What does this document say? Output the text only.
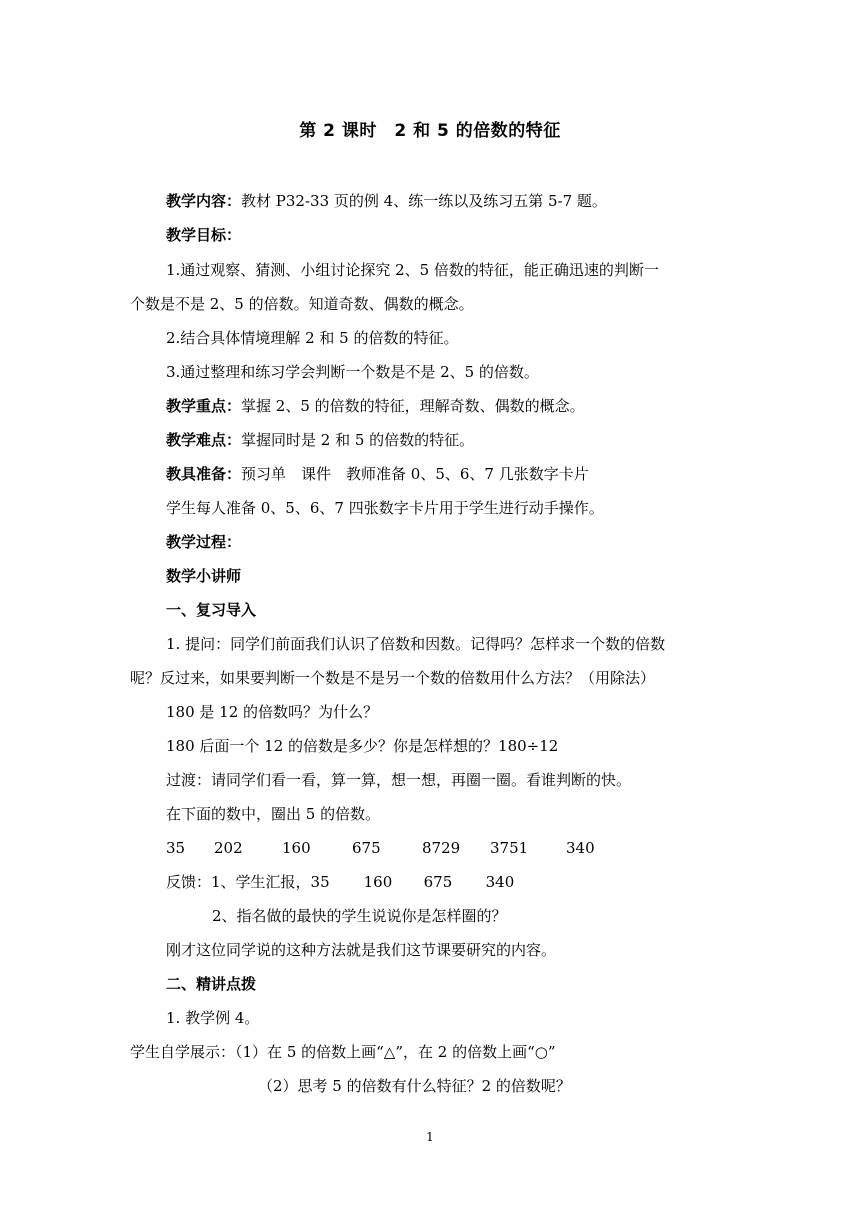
第 2 课时　2 和 5 的倍数的特征
教学内容：教材 P32-33 页的例 4、练一练以及练习五第 5-7 题。
教学目标：
1.通过观察、猜测、小组讨论探究 2、5 倍数的特征，能正确迅速的判断一
个数是不是 2、5 的倍数。知道奇数、偶数的概念。
2.结合具体情境理解 2 和 5 的倍数的特征。
3.通过整理和练习学会判断一个数是不是 2、5 的倍数。
教学重点：掌握 2、5 的倍数的特征，理解奇数、偶数的概念。
教学难点：掌握同时是 2 和 5 的倍数的特征。
教具准备：预习单　课件　教师准备 0、5、6、7 几张数字卡片
学生每人准备 0、5、6、7 四张数字卡片用于学生进行动手操作。
教学过程：
数学小讲师
一、复习导入
1. 提问：同学们前面我们认识了倍数和因数。记得吗？怎样求一个数的倍数
呢？反过来，如果要判断一个数是不是另一个数的倍数用什么方法？（用除法）
180 是 12 的倍数吗？为什么？
180 后面一个 12 的倍数是多少？你是怎样想的？180÷12
过渡：请同学们看一看，算一算，想一想，再圈一圈。看谁判断的快。
在下面的数中，圈出 5 的倍数。
35 202	160	675	8729 3751	340
反馈：1、学生汇报，35 160 675 340
2、指名做的最快的学生说说你是怎样圈的？
刚才这位同学说的这种方法就是我们这节课要研究的内容。
二、精讲点拨
1. 教学例 4。
学生自学展示：（1）在 5 的倍数上画“△”，在 2 的倍数上画“○”
（2）思考 5 的倍数有什么特征？2 的倍数呢？
1
